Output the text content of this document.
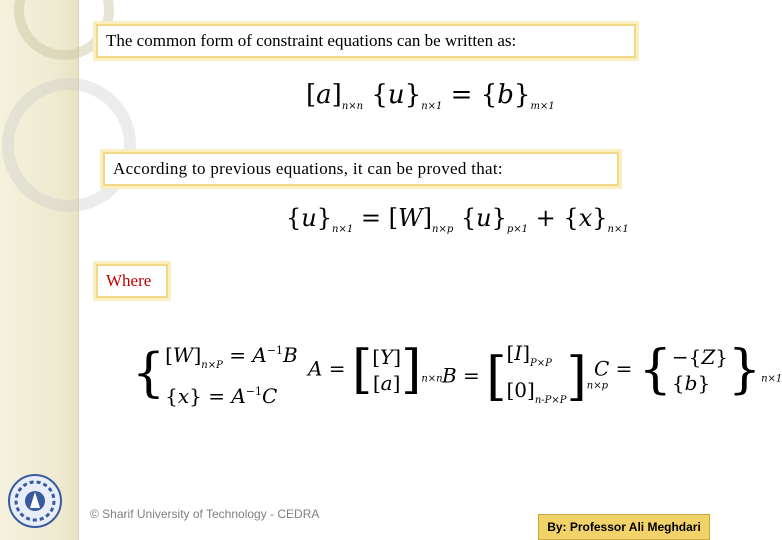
The common form of constraint equations can be written as:
$[a]_{n\times n}$ $\{u\}_{n\times 1} = \{b\}_{m\times 1}$
According to previous equations, it can be proved that:
$\{u\}_{n\times 1} = [W]_{n\times p}$ $\{u\}_{p\times 1} + \{x\}_{n\times 1}$
Where
{$[W]_{n\times P} = A^{-1}B$
$\{x\} = A^{-1}C$
A = [[Y]
$[a]]_{n\times n}$ $B = [[I]_{P\times P}$
$[0]_{n-P\times P}]_{n\times p}$
C = {−{Z}
$\{b\}\}_{n\times 1}$
© Sharif University of Technology - CEDRA
By: Professor Ali Meghdari
